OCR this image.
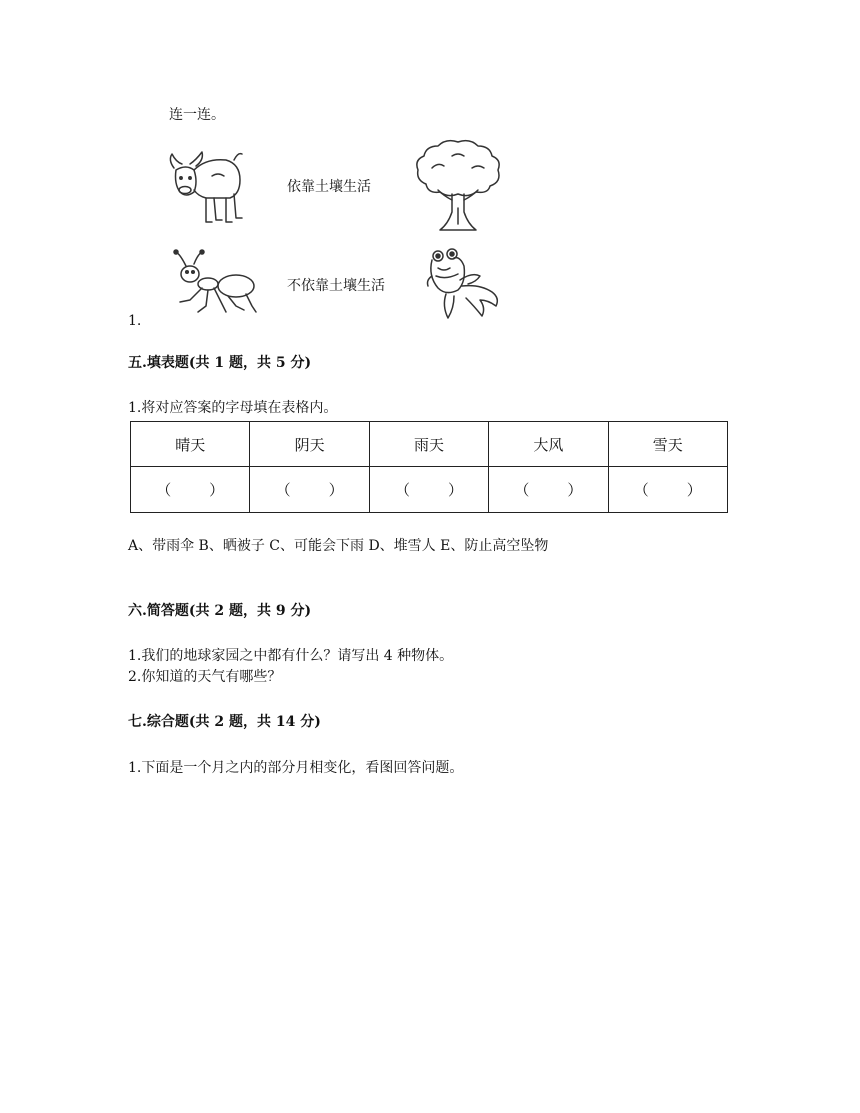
连一连。
依靠土壤生活
不依靠土壤生活
1.
五.填表题(共 1 题，共 5 分)
1.将对应答案的字母填在表格内。
晴天	阴天	雨天	大风	雪天

（ ）	（ ）	（ ）	（ ）	（ ）
A、带雨伞 B、晒被子 C、可能会下雨 D、堆雪人 E、防止高空坠物
六.简答题(共 2 题，共 9 分)
1.我们的地球家园之中都有什么？请写出 4 种物体。
2.你知道的天气有哪些？
七.综合题(共 2 题，共 14 分)
1.下面是一个月之内的部分月相变化，看图回答问题。
